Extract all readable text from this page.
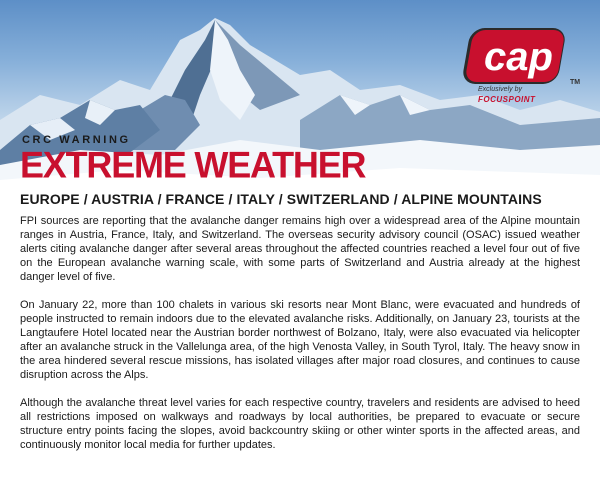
cap
TM
Exclusively by
FOCUSPOINT
CRC WARNING
EXTREME WEATHER
EUROPE / AUSTRIA / FRANCE / ITALY / SWITZERLAND / ALPINE MOUNTAINS

FPI sources are reporting that the avalanche danger remains high over a widespread area of the Alpine mountain ranges in Austria, France, Italy, and Switzerland. The overseas security advisory council (OSAC) issued weather alerts citing avalanche danger after several areas throughout the affected countries reached a level four out of five on the European avalanche warning scale, with some parts of Switzerland and Austria already at the highest danger level of five.

On January 22, more than 100 chalets in various ski resorts near Mont Blanc, were evacuated and hundreds of people instructed to remain indoors due to the elevated avalanche risks. Additionally, on January 23, tourists at the Langtaufere Hotel located near the Austrian border northwest of Bolzano, Italy, were also evacuated via helicopter after an avalanche struck in the Vallelunga area, of the high Venosta Valley, in South Tyrol, Italy. The heavy snow in the area hindered several rescue missions, has isolated villages after major road closures, and continues to cause disruption across the Alps.

Although the avalanche threat level varies for each respective country, travelers and residents are advised to heed all restrictions imposed on walkways and roadways by local authorities, be prepared to evacuate or secure structure entry points facing the slopes, avoid backcountry skiing or other winter sports in the affected areas, and continuously monitor local media for further updates.
